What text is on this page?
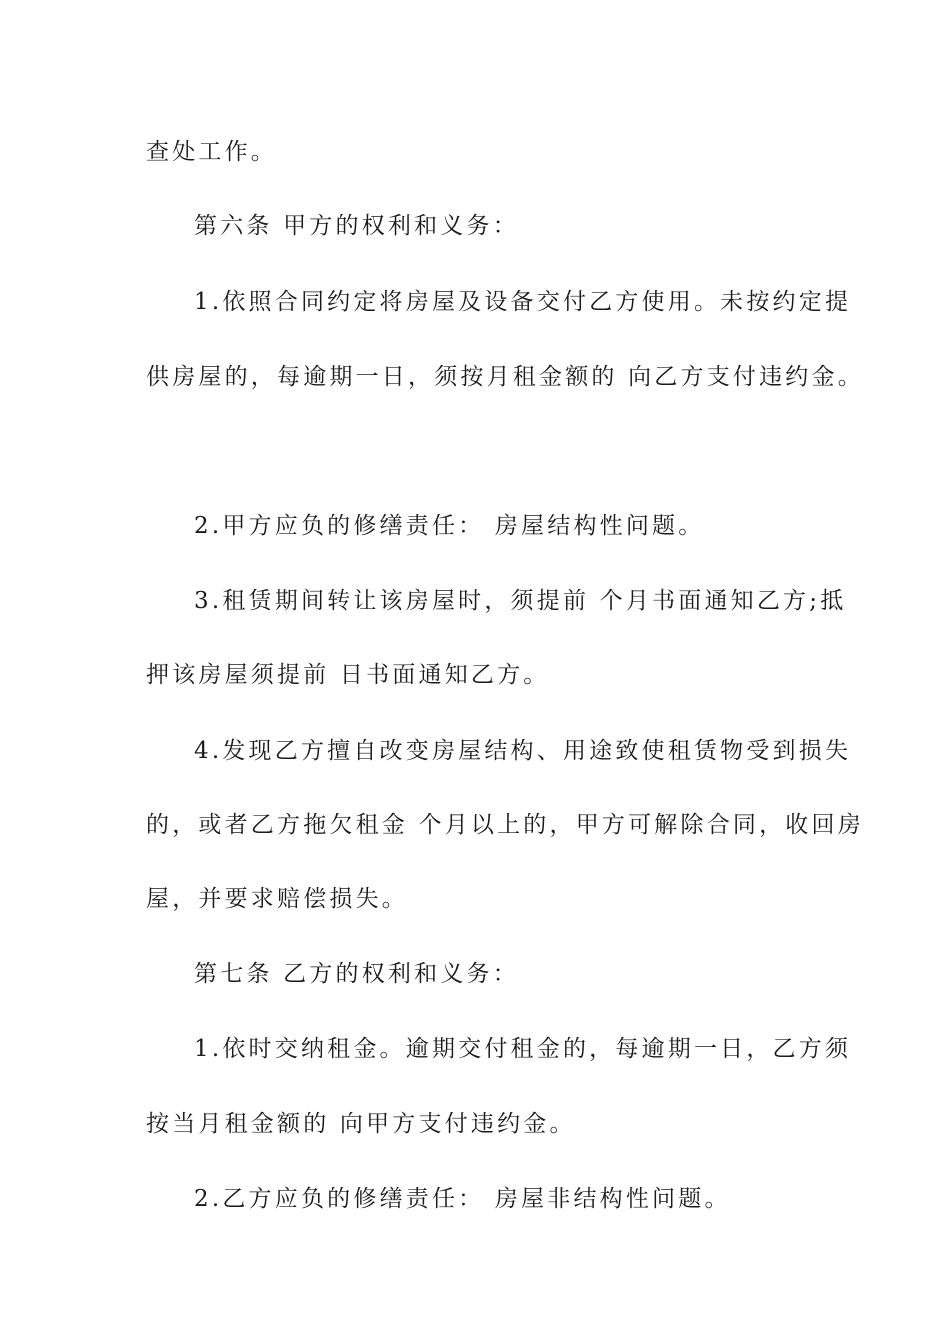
查处工作。
第六条 甲方的权利和义务：
1.依照合同约定将房屋及设备交付乙方使用。未按约定提
供房屋的，每逾期一日，须按月租金额的 向乙方支付违约金。
2.甲方应负的修缮责任： 房屋结构性问题。
3.租赁期间转让该房屋时，须提前 个月书面通知乙方;抵
押该房屋须提前 日书面通知乙方。
4.发现乙方擅自改变房屋结构、用途致使租赁物受到损失
的，或者乙方拖欠租金 个月以上的，甲方可解除合同，收回房
屋，并要求赔偿损失。
第七条 乙方的权利和义务：
1.依时交纳租金。逾期交付租金的，每逾期一日，乙方须
按当月租金额的 向甲方支付违约金。
2.乙方应负的修缮责任： 房屋非结构性问题。
